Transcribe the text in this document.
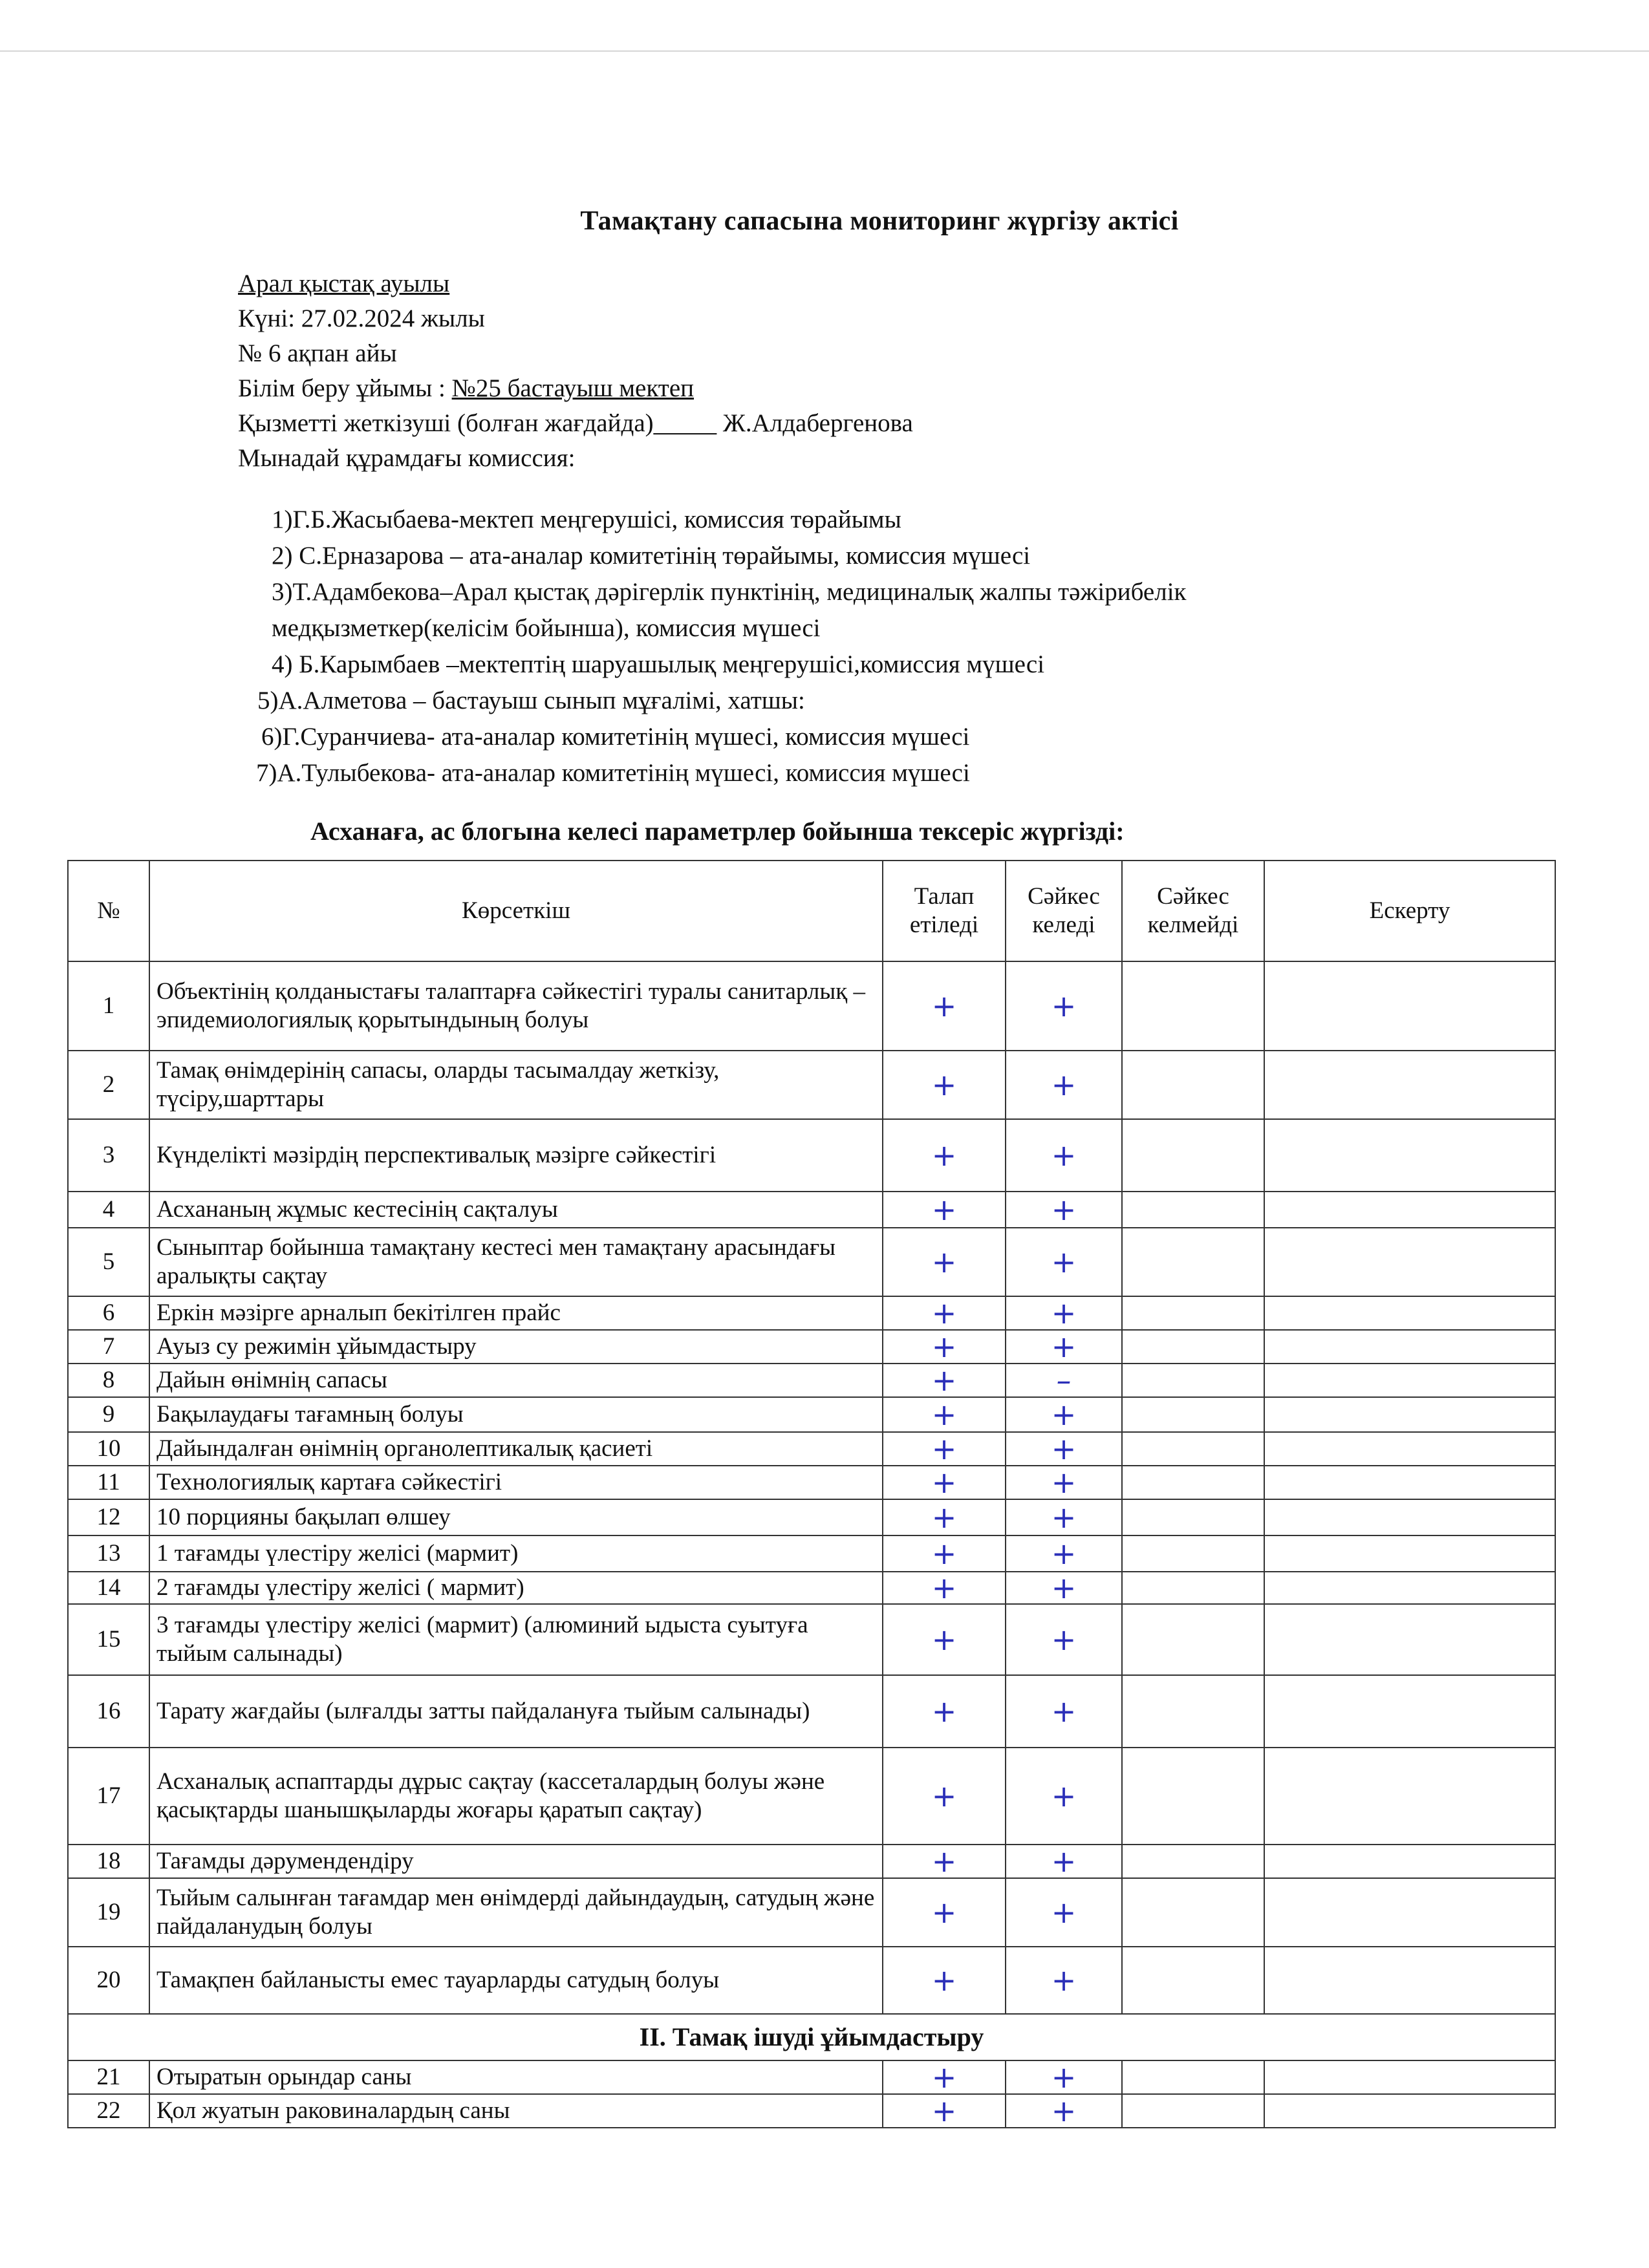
Тамақтану сапасына мониторинг жүргізу актісі
Арал қыстақ ауылы
Күні: 27.02.2024 жылы
№ 6 ақпан айы
Білім беру ұйымы : №25 бастауыш мектеп
Қызметті жеткізуші (болған жағдайда)_____ Ж.Алдабергенова
Мынадай құрамдағы комиссия:
1)Г.Б.Жасыбаева-мектеп меңгерушісі, комиссия төрайымы
2) С.Ерназарова – ата-аналар комитетінің төрайымы, комиссия мүшесі
3)Т.Адамбекова–Арал қыстақ дәрігерлік пунктінің, медициналық жалпы тәжірибелік
медқызметкер(келісім бойынша), комиссия мүшесі
4) Б.Карымбаев –мектептің шаруашылық меңгерушісі,комиссия мүшесі
5)А.Алметова – бастауыш сынып мұғалімі, хатшы:
6)Г.Суранчиева- ата-аналар комитетінің мүшесі, комиссия мүшесі
7)А.Тулыбекова- ата-аналар комитетінің мүшесі, комиссия мүшесі
Асханаға, ас блогына келесі параметрлер бойынша тексеріс жүргізді:
№	Көрсеткіш	Талап етіледі	Сәйкес келеді	Сәйкес келмейді	Ескерту
1	Объектінің қолданыстағы талаптарға сәйкестігі туралы санитарлық – эпидемиологиялық қорытындының болуы	+	+		
2	Тамақ өнімдерінің сапасы, оларды тасымалдау жеткізу, түсіру,шарттары	+	+		
3	Күнделікті мәзірдің перспективалық мәзірге сәйкестігі	+	+		
4	Асхананың жұмыс кестесінің сақталуы	+	+		
5	Сыныптар бойынша тамақтану кестесі мен тамақтану арасындағы аралықты сақтау	+	+		
6	Еркін мәзірге арналып бекітілген прайс	+	+		
7	Ауыз су режимін ұйымдастыру	+	+		
8	Дайын өнімнің сапасы	+	–		
9	Бақылаудағы тағамның болуы	+	+		
10	Дайындалған өнімнің органолептикалық қасиеті	+	+		
11	Технологиялық картаға сәйкестігі	+	+		
12	10 порцияны бақылап өлшеу	+	+		
13	1 тағамды үлестіру желісі (мармит)	+	+		
14	2 тағамды үлестіру желісі ( мармит)	+	+		
15	3 тағамды үлестіру желісі (мармит) (алюминий ыдыста суытуға тыйым салынады)	+	+		
16	Тарату жағдайы (ылғалды затты пайдалануға тыйым салынады)	+	+		
17	Асханалық аспаптарды дұрыс сақтау (кассеталардың болуы және қасықтарды шанышқыларды жоғары қаратып сақтау)	+	+		
18	Тағамды дәрумендендіру	+	+		
19	Тыйым салынған тағамдар мен өнімдерді дайындаудың, сатудың және пайдаланудың болуы	+	+		
20	Тамақпен байланысты емес тауарларды сатудың болуы	+	+		
ІІ. Тамақ ішуді ұйымдастыру					
21	Отыратын орындар саны	+	+		
22	Қол жуатын раковиналардың саны	+	+		
